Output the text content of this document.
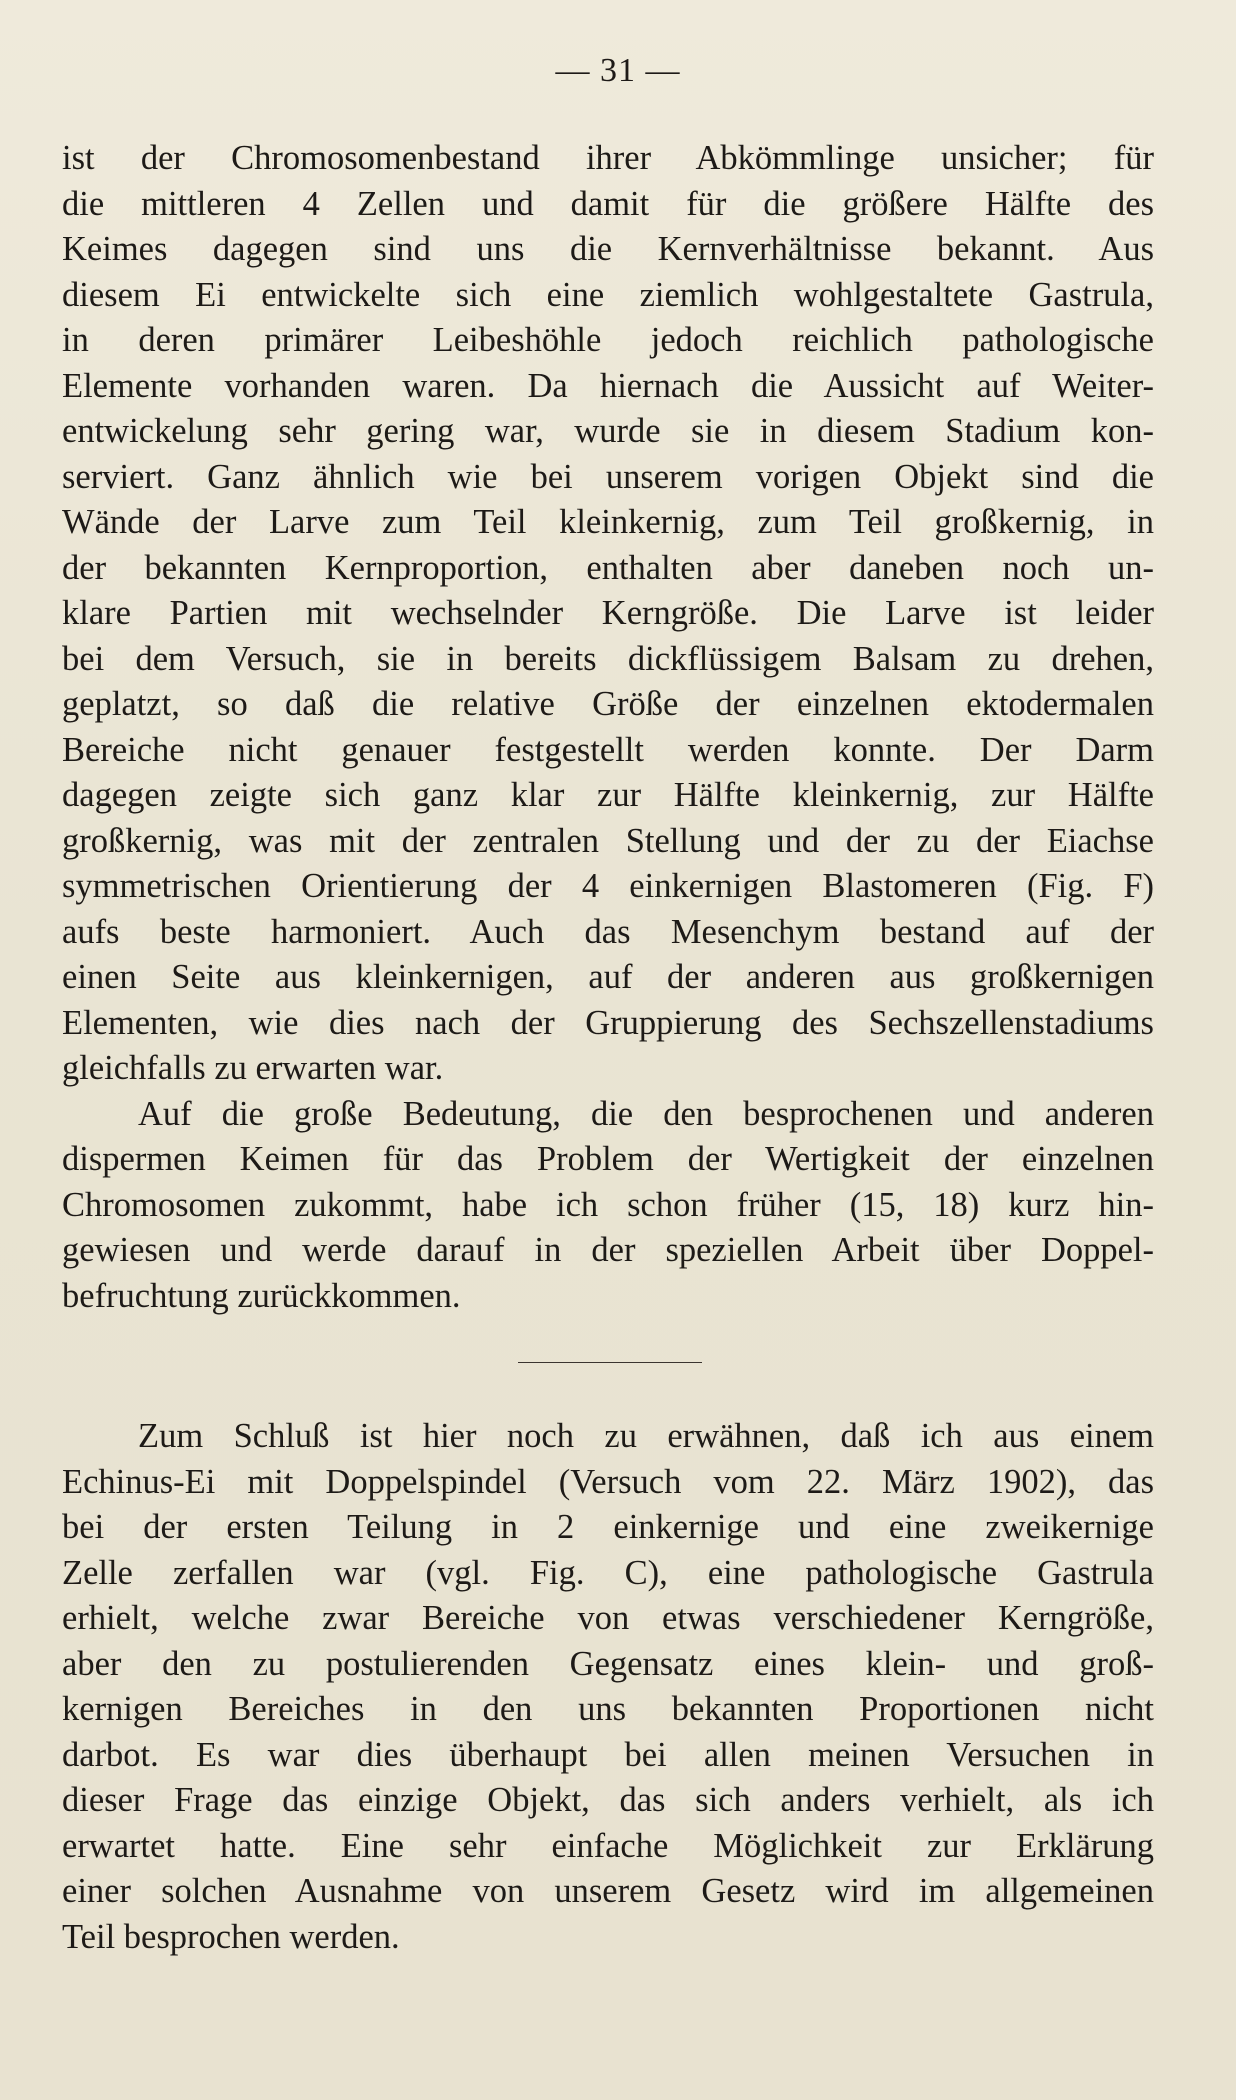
— 31 —
ist der Chromosomenbestand ihrer Abkömmlinge unsicher; für
die mittleren 4 Zellen und damit für die größere Hälfte des
Keimes dagegen sind uns die Kernverhältnisse bekannt. Aus
diesem Ei entwickelte sich eine ziemlich wohlgestaltete Gastrula,
in deren primärer Leibeshöhle jedoch reichlich pathologische
Elemente vorhanden waren. Da hiernach die Aussicht auf Weiter-
entwickelung sehr gering war, wurde sie in diesem Stadium kon-
serviert. Ganz ähnlich wie bei unserem vorigen Objekt sind die
Wände der Larve zum Teil kleinkernig, zum Teil großkernig, in
der bekannten Kernproportion, enthalten aber daneben noch un-
klare Partien mit wechselnder Kerngröße. Die Larve ist leider
bei dem Versuch, sie in bereits dickflüssigem Balsam zu drehen,
geplatzt, so daß die relative Größe der einzelnen ektodermalen
Bereiche nicht genauer festgestellt werden konnte. Der Darm
dagegen zeigte sich ganz klar zur Hälfte kleinkernig, zur Hälfte
großkernig, was mit der zentralen Stellung und der zu der Eiachse
symmetrischen Orientierung der 4 einkernigen Blastomeren (Fig. F)
aufs beste harmoniert. Auch das Mesenchym bestand auf der
einen Seite aus kleinkernigen, auf der anderen aus großkernigen
Elementen, wie dies nach der Gruppierung des Sechszellenstadiums
gleichfalls zu erwarten war.
Auf die große Bedeutung, die den besprochenen und anderen
dispermen Keimen für das Problem der Wertigkeit der einzelnen
Chromosomen zukommt, habe ich schon früher (15, 18) kurz hin-
gewiesen und werde darauf in der speziellen Arbeit über Doppel-
befruchtung zurückkommen.
Zum Schluß ist hier noch zu erwähnen, daß ich aus einem
Echinus-Ei mit Doppelspindel (Versuch vom 22. März 1902), das
bei der ersten Teilung in 2 einkernige und eine zweikernige
Zelle zerfallen war (vgl. Fig. C), eine pathologische Gastrula
erhielt, welche zwar Bereiche von etwas verschiedener Kerngröße,
aber den zu postulierenden Gegensatz eines klein- und groß-
kernigen Bereiches in den uns bekannten Proportionen nicht
darbot. Es war dies überhaupt bei allen meinen Versuchen in
dieser Frage das einzige Objekt, das sich anders verhielt, als ich
erwartet hatte. Eine sehr einfache Möglichkeit zur Erklärung
einer solchen Ausnahme von unserem Gesetz wird im allgemeinen
Teil besprochen werden.
